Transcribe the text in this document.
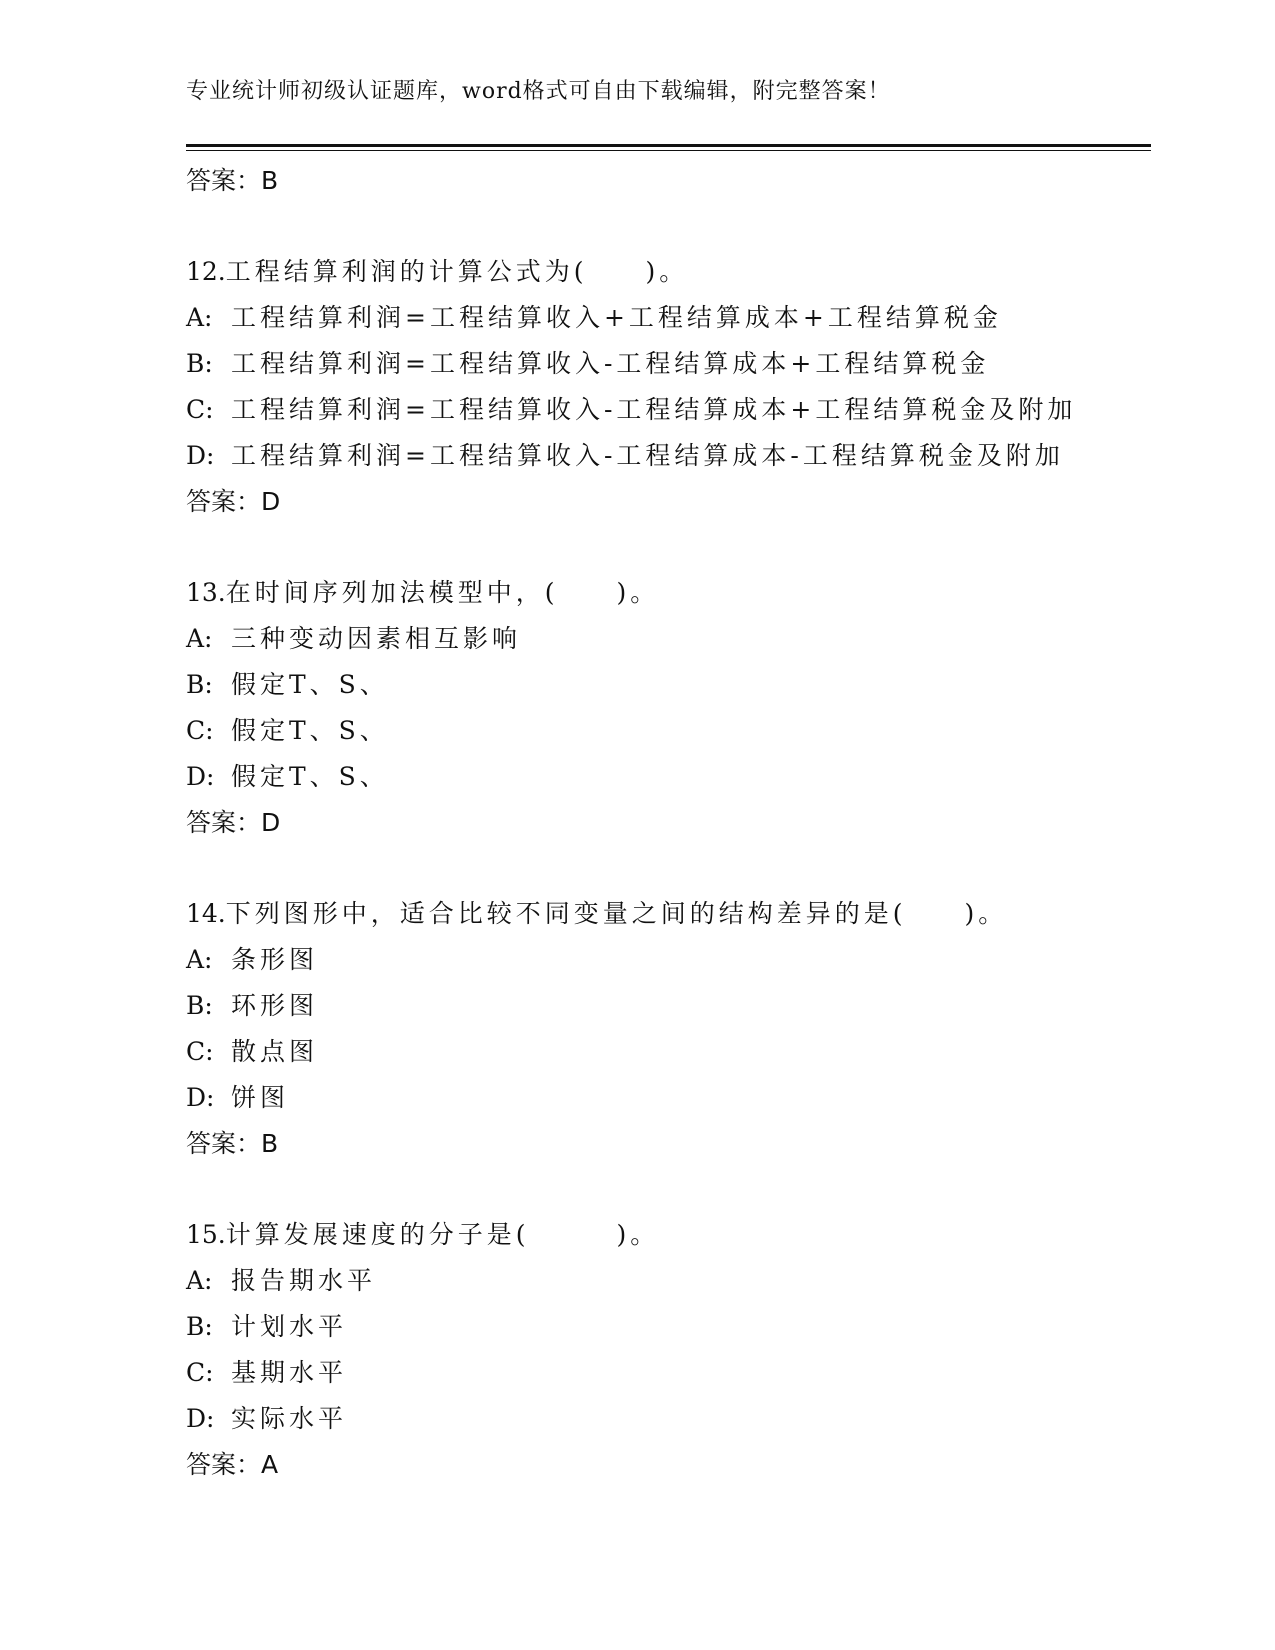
专业统计师初级认证题库，word格式可自由下载编辑，附完整答案！
答案：B
12.工程结算利润的计算公式为(　　)。
A: 工程结算利润=工程结算收入+工程结算成本+工程结算税金
B: 工程结算利润=工程结算收入-工程结算成本+工程结算税金
C: 工程结算利润=工程结算收入-工程结算成本+工程结算税金及附加
D: 工程结算利润=工程结算收入-工程结算成本-工程结算税金及附加
答案：D
13.在时间序列加法模型中，(　　)。
A: 三种变动因素相互影响
B: 假定T、S、
C: 假定T、S、
D: 假定T、S、
答案：D
14.下列图形中，适合比较不同变量之间的结构差异的是(　　)。
A: 条形图
B: 环形图
C: 散点图
D: 饼图
答案：B
15.计算发展速度的分子是(　　　)。
A: 报告期水平
B: 计划水平
C: 基期水平
D: 实际水平
答案：A
